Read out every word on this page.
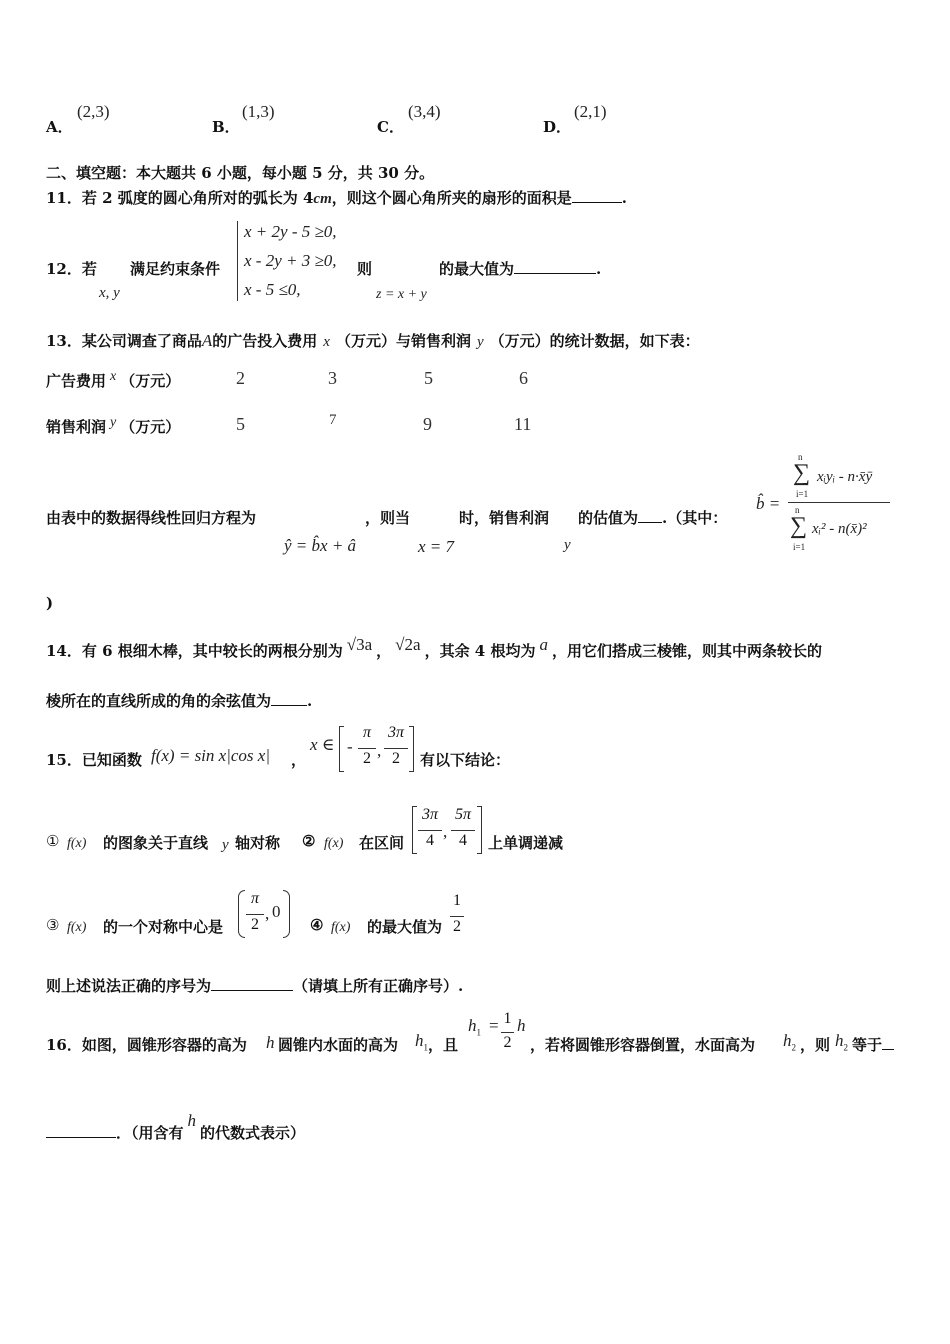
A．
(2,3)
B．
(1,3)
C．
(3,4)
D．
(2,1)
二、填空题：本大题共 6 小题，每小题 5 分，共 30 分。
11．若 2 弧度的圆心角所对的弧长为 4cm，则这个圆心角所夹的扇形的面积是	.
12．若
x, y
满足约束条件
x + 2y - 5 ≥0,
x - 2y + 3 ≥0,
x - 5 ≤0,
则
z = x + y
的最大值为	.
13．某公司调查了商品A的广告投入费用 x （万元）与销售利润 y （万元）的统计数据，如下表：
广告费用 x （万元）	2	3	5	6
销售利润 y （万元）	5	7	9	11
由表中的数据得线性回归方程为
ŷ = b̂x + â
，则当
x = 7
时，销售利润
y
的估值为 .（其中：
b̂ =
∑
n
i=1
xᵢyᵢ - n·x̄ȳ
∑
n
i=1
xᵢ² - n(x̄)²
)
14．有 6 根细木棒，其中较长的两根分别为 √3a ， √2a ，其余 4 根均为 a ，用它们搭成三棱锥，则其中两条较长的
棱所在的直线所成的角的余弦值为 .
15．已知函数 f(x) = sin x|cos x| ，
x ∈ -
π
2 ,
3π
2	有以下结论：
① f(x) 的图象关于直线 y 轴对称 ② f(x) 在区间
3π
4 ,
5π
4	上单调递减
③ f(x) 的一个对称中心是
π
2
, 0
④ f(x) 的最大值为
1
2
则上述说法正确的序号为	（请填上所有正确序号）.
16．如图，圆锥形容器的高为 h 圆锥内水面的高为 $h_1$ ，且
$h_1 = 1$
2
h
，若将圆锥形容器倒置，水面高为 $h_2$ ，则 $h_2$ 等于
．（用含有h的代数式表示）
